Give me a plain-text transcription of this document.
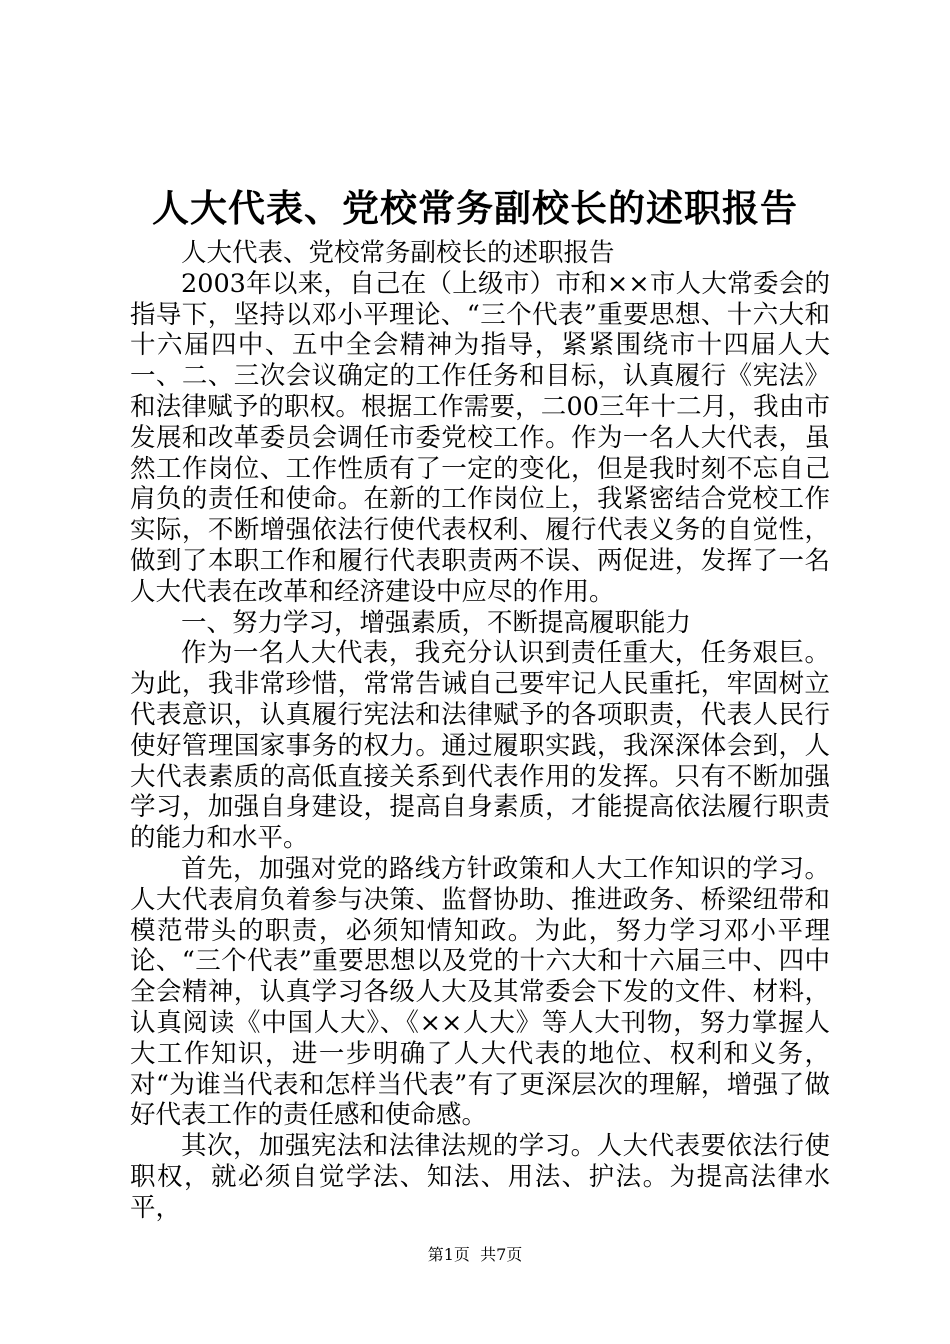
人大代表、党校常务副校长的述职报告

人大代表、党校常务副校长的述职报告

2003年以来，自己在（上级市）市和××市人大常委会的指导下，坚持以邓小平理论、“三个代表”重要思想、十六大和十六届四中、五中全会精神为指导，紧紧围绕市十四届人大一、二、三次会议确定的工作任务和目标，认真履行《宪法》和法律赋予的职权。根据工作需要，二00三年十二月，我由市发展和改革委员会调任市委党校工作。作为一名人大代表，虽然工作岗位、工作性质有了一定的变化，但是我时刻不忘自己肩负的责任和使命。在新的工作岗位上，我紧密结合党校工作实际，不断增强依法行使代表权利、履行代表义务的自觉性，做到了本职工作和履行代表职责两不误、两促进，发挥了一名人大代表在改革和经济建设中应尽的作用。

一、努力学习，增强素质，不断提高履职能力

作为一名人大代表，我充分认识到责任重大，任务艰巨。为此，我非常珍惜，常常告诫自己要牢记人民重托，牢固树立代表意识，认真履行宪法和法律赋予的各项职责，代表人民行使好管理国家事务的权力。通过履职实践，我深深体会到，人大代表素质的高低直接关系到代表作用的发挥。只有不断加强学习，加强自身建设，提高自身素质，才能提高依法履行职责的能力和水平。

首先，加强对党的路线方针政策和人大工作知识的学习。人大代表肩负着参与决策、监督协助、推进政务、桥梁纽带和模范带头的职责，必须知情知政。为此，努力学习邓小平理论、“三个代表”重要思想以及党的十六大和十六届三中、四中全会精神，认真学习各级人大及其常委会下发的文件、材料，认真阅读《中国人大》、《××人大》等人大刊物，努力掌握人大工作知识，进一步明确了人大代表的地位、权利和义务，对“为谁当代表和怎样当代表”有了更深层次的理解，增强了做好代表工作的责任感和使命感。

其次，加强宪法和法律法规的学习。人大代表要依法行使职权，就必须自觉学法、知法、用法、护法。为提高法律水平，

第1页  共7页
